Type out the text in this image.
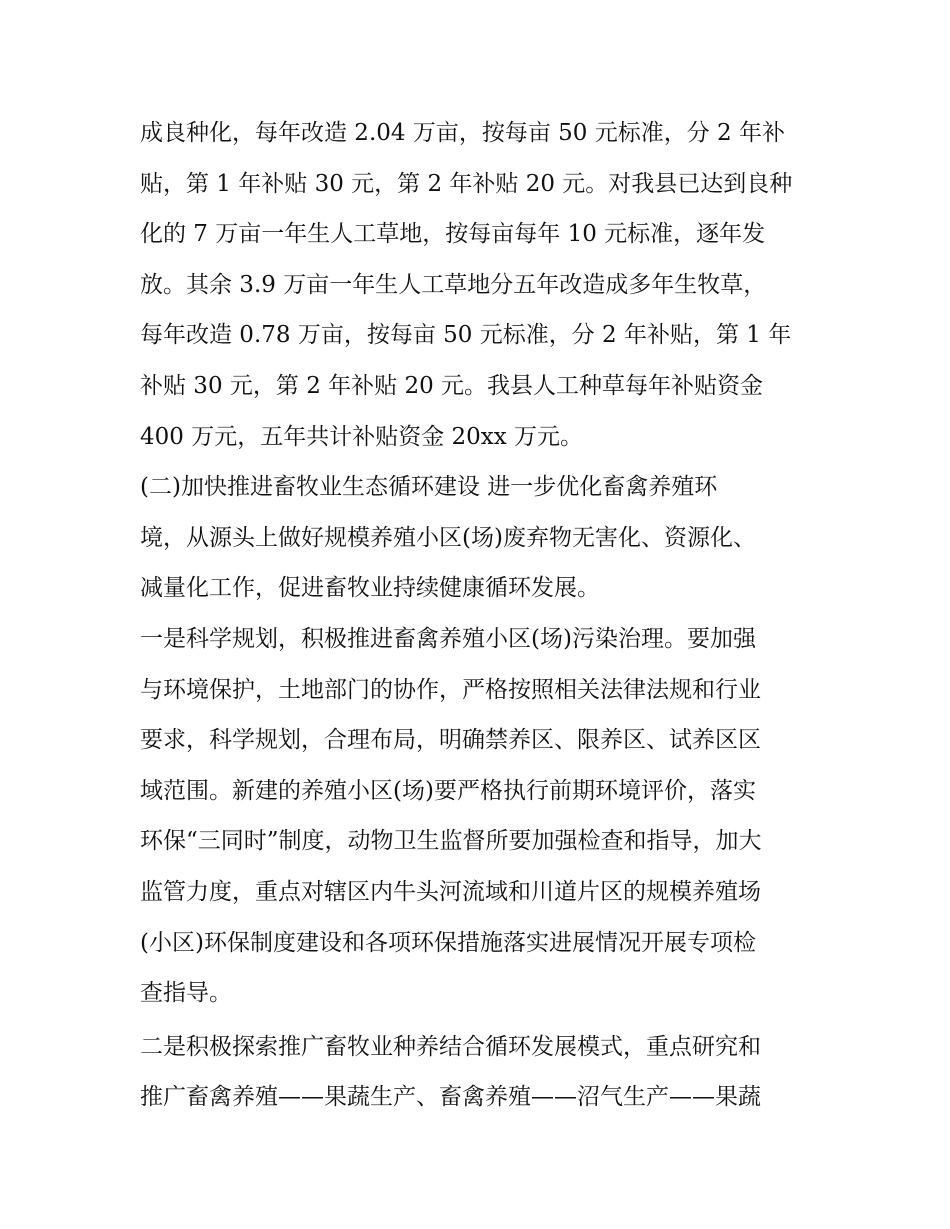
成良种化，每年改造 2.04 万亩，按每亩 50 元标准，分 2 年补
贴，第 1 年补贴 30 元，第 2 年补贴 20 元。对我县已达到良种
化的 7 万亩一年生人工草地，按每亩每年 10 元标准，逐年发
放。其余 3.9 万亩一年生人工草地分五年改造成多年生牧草，
每年改造 0.78 万亩，按每亩 50 元标准，分 2 年补贴，第 1 年
补贴 30 元，第 2 年补贴 20 元。我县人工种草每年补贴资金
400 万元，五年共计补贴资金 20xx 万元。
(二)加快推进畜牧业生态循环建设 进一步优化畜禽养殖环
境，从源头上做好规模养殖小区(场)废弃物无害化、资源化、
减量化工作，促进畜牧业持续健康循环发展。
一是科学规划，积极推进畜禽养殖小区(场)污染治理。要加强
与环境保护，土地部门的协作，严格按照相关法律法规和行业
要求，科学规划，合理布局，明确禁养区、限养区、试养区区
域范围。新建的养殖小区(场)要严格执行前期环境评价，落实
环保“三同时”制度，动物卫生监督所要加强检查和指导，加大
监管力度，重点对辖区内牛头河流域和川道片区的规模养殖场
(小区)环保制度建设和各项环保措施落实进展情况开展专项检
查指导。
二是积极探索推广畜牧业种养结合循环发展模式，重点研究和
推广畜禽养殖——果蔬生产、畜禽养殖——沼气生产——果蔬
